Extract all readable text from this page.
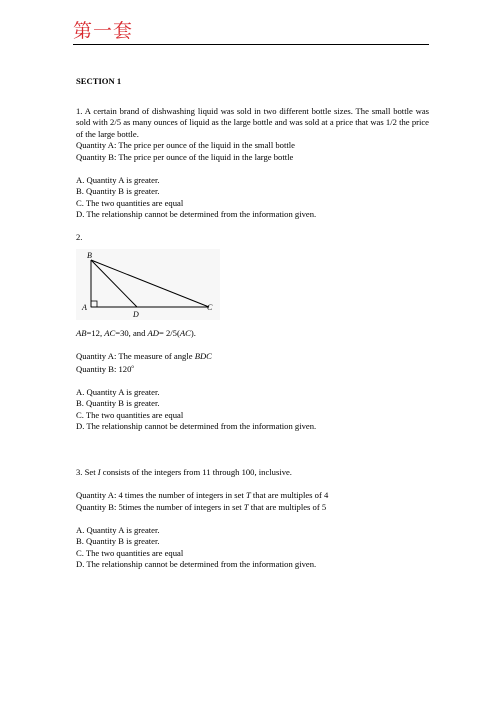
第一套

SECTION 1

1. A certain brand of dishwashing liquid was sold in two different bottle sizes. The small bottle was sold with 2/5 as many ounces of liquid as the large bottle and was sold at a price that was 1/2 the price of the large bottle.

Quantity A: The price per ounce of the liquid in the small bottle

Quantity B: The price per ounce of the liquid in the large bottle

A. Quantity A is greater.

B. Quantity B is greater.

C. The two quantities are equal

D. The relationship cannot be determined from the information given.

2.

B
A
D
C

AB=12, AC=30, and AD= 2/5(AC).

Quantity A: The measure of angle BDC

Quantity B: 120$^o$

A. Quantity A is greater.

B. Quantity B is greater.

C. The two quantities are equal

D. The relationship cannot be determined from the information given.

3. Set I consists of the integers from 11 through 100, inclusive.

Quantity A: 4 times the number of integers in set T that are multiples of 4

Quantity B: 5times the number of integers in set T that are multiples of 5

A. Quantity A is greater.

B. Quantity B is greater.

C. The two quantities are equal

D. The relationship cannot be determined from the information given.
